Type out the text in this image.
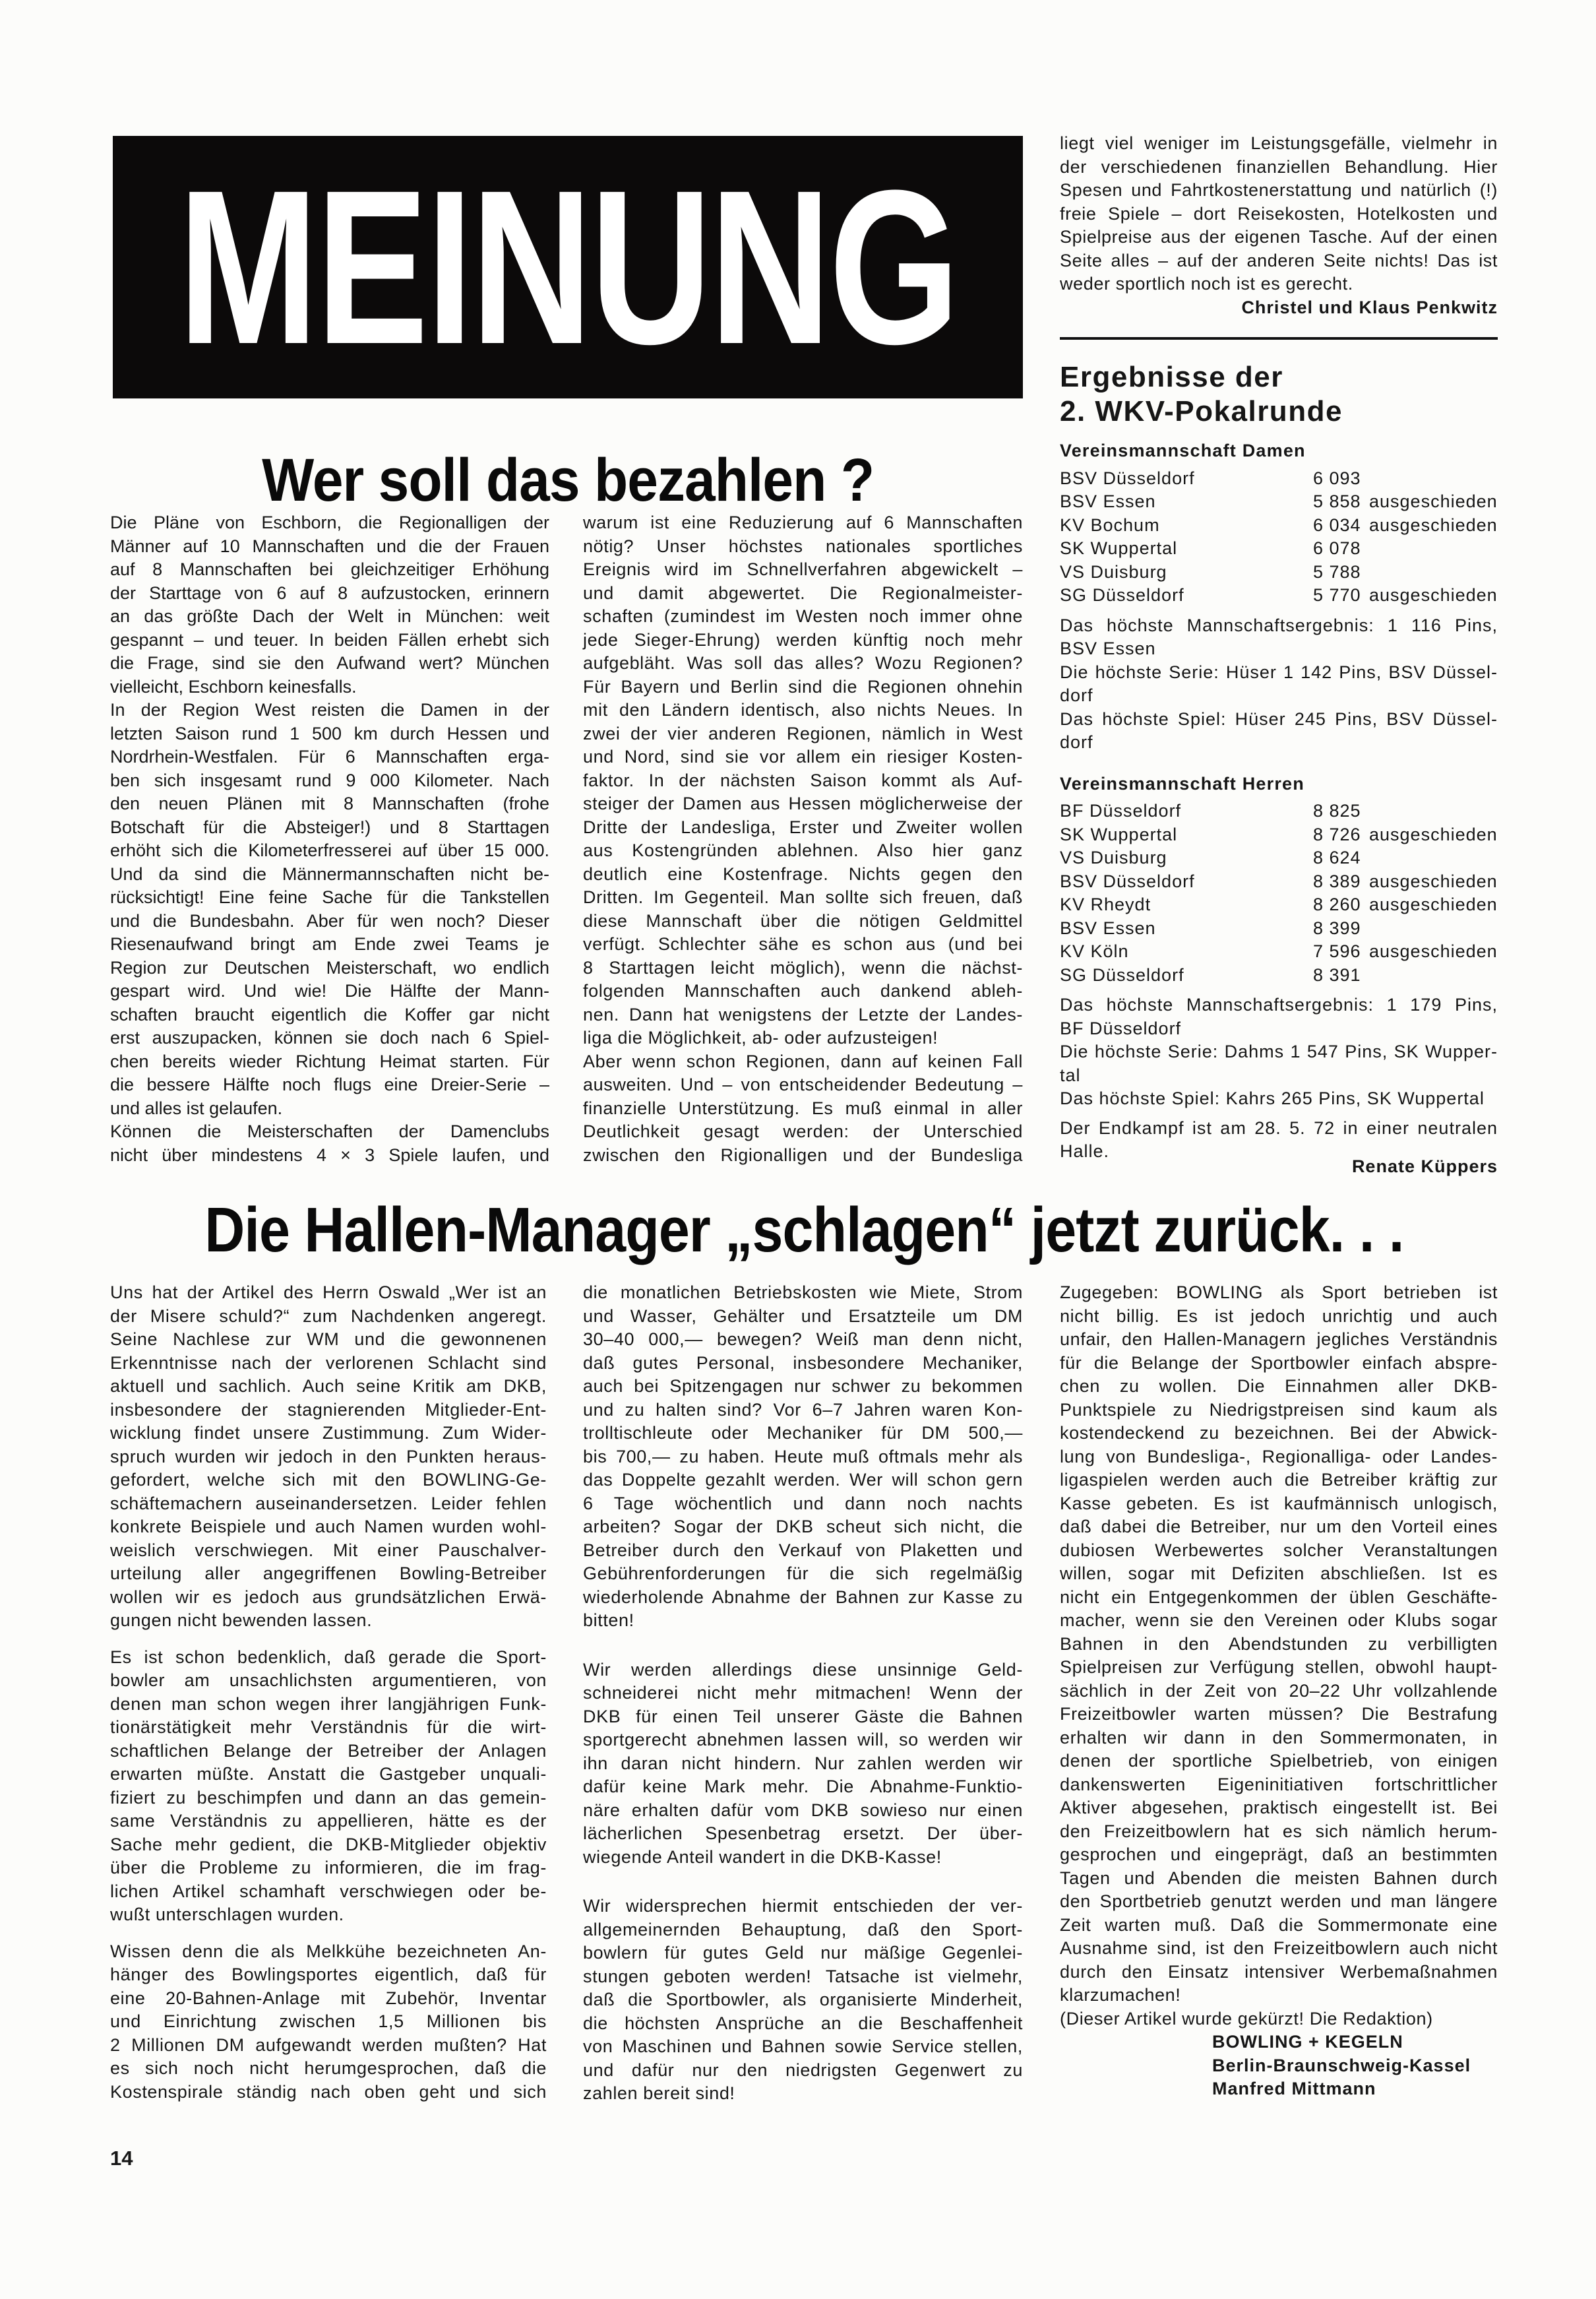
MEINUNG
Wer soll das bezahlen ?
Die Pläne von Eschborn, die Regionalligen der
Männer auf 10 Mannschaften und die der Frauen
auf 8 Mannschaften bei gleichzeitiger Erhöhung
der Starttage von 6 auf 8 aufzustocken, erinnern
an das größte Dach der Welt in München: weit
gespannt – und teuer. In beiden Fällen erhebt sich
die Frage, sind sie den Aufwand wert? München
vielleicht, Eschborn keinesfalls.
In der Region West reisten die Damen in der
letzten Saison rund 1 500 km durch Hessen und
Nordrhein-Westfalen. Für 6 Mannschaften erga-
ben sich insgesamt rund 9 000 Kilometer. Nach
den neuen Plänen mit 8 Mannschaften (frohe
Botschaft für die Absteiger!) und 8 Starttagen
erhöht sich die Kilometerfresserei auf über 15 000.
Und da sind die Männermannschaften nicht be-
rücksichtigt! Eine feine Sache für die Tankstellen
und die Bundesbahn. Aber für wen noch? Dieser
Riesenaufwand bringt am Ende zwei Teams je
Region zur Deutschen Meisterschaft, wo endlich
gespart wird. Und wie! Die Hälfte der Mann-
schaften braucht eigentlich die Koffer gar nicht
erst auszupacken, können sie doch nach 6 Spiel-
chen bereits wieder Richtung Heimat starten. Für
die bessere Hälfte noch flugs eine Dreier-Serie –
und alles ist gelaufen.
Können die Meisterschaften der Damenclubs
nicht über mindestens 4 × 3 Spiele laufen, und
warum ist eine Reduzierung auf 6 Mannschaften
nötig? Unser höchstes nationales sportliches
Ereignis wird im Schnellverfahren abgewickelt –
und damit abgewertet. Die Regionalmeister-
schaften (zumindest im Westen noch immer ohne
jede Sieger-Ehrung) werden künftig noch mehr
aufgebläht. Was soll das alles? Wozu Regionen?
Für Bayern und Berlin sind die Regionen ohnehin
mit den Ländern identisch, also nichts Neues. In
zwei der vier anderen Regionen, nämlich in West
und Nord, sind sie vor allem ein riesiger Kosten-
faktor. In der nächsten Saison kommt als Auf-
steiger der Damen aus Hessen möglicherweise der
Dritte der Landesliga, Erster und Zweiter wollen
aus Kostengründen ablehnen. Also hier ganz
deutlich eine Kostenfrage. Nichts gegen den
Dritten. Im Gegenteil. Man sollte sich freuen, daß
diese Mannschaft über die nötigen Geldmittel
verfügt. Schlechter sähe es schon aus (und bei
8 Starttagen leicht möglich), wenn die nächst-
folgenden Mannschaften auch dankend ableh-
nen. Dann hat wenigstens der Letzte der Landes-
liga die Möglichkeit, ab- oder aufzusteigen!
Aber wenn schon Regionen, dann auf keinen Fall
ausweiten. Und – von entscheidender Bedeutung –
finanzielle Unterstützung. Es muß einmal in aller
Deutlichkeit gesagt werden: der Unterschied
zwischen den Rigionalligen und der Bundesliga
liegt viel weniger im Leistungsgefälle, vielmehr in
der verschiedenen finanziellen Behandlung. Hier
Spesen und Fahrtkostenerstattung und natürlich (!)
freie Spiele – dort Reisekosten, Hotelkosten und
Spielpreise aus der eigenen Tasche. Auf der einen
Seite alles – auf der anderen Seite nichts! Das ist
weder sportlich noch ist es gerecht.
Christel und Klaus Penkwitz
Ergebnisse der
2. WKV-Pokalrunde
Vereinsmannschaft Damen
BSV Düsseldorf	6 093
BSV Essen	5 858 ausgeschieden
KV Bochum	6 034 ausgeschieden
SK Wuppertal	6 078
VS Duisburg	5 788
SG Düsseldorf	5 770 ausgeschieden
Das höchste Mannschaftsergebnis: 1 116 Pins,
BSV Essen
Die höchste Serie: Hüser 1 142 Pins, BSV Düssel-
dorf
Das höchste Spiel: Hüser 245 Pins, BSV Düssel-
dorf
Vereinsmannschaft Herren
BF Düsseldorf	8 825
SK Wuppertal	8 726 ausgeschieden
VS Duisburg	8 624
BSV Düsseldorf	8 389 ausgeschieden
KV Rheydt	8 260 ausgeschieden
BSV Essen	8 399
KV Köln	7 596 ausgeschieden
SG Düsseldorf	8 391
Das höchste Mannschaftsergebnis: 1 179 Pins,
BF Düsseldorf
Die höchste Serie: Dahms 1 547 Pins, SK Wupper-
tal
Das höchste Spiel: Kahrs 265 Pins, SK Wuppertal
Der Endkampf ist am 28. 5. 72 in einer neutralen
Halle.
Renate Küppers
Die Hallen-Manager „schlagen“ jetzt zurück. . .
Uns hat der Artikel des Herrn Oswald „Wer ist an
der Misere schuld?“ zum Nachdenken angeregt.
Seine Nachlese zur WM und die gewonnenen
Erkenntnisse nach der verlorenen Schlacht sind
aktuell und sachlich. Auch seine Kritik am DKB,
insbesondere der stagnierenden Mitglieder-Ent-
wicklung findet unsere Zustimmung. Zum Wider-
spruch wurden wir jedoch in den Punkten heraus-
gefordert, welche sich mit den BOWLING-Ge-
schäftemachern auseinandersetzen. Leider fehlen
konkrete Beispiele und auch Namen wurden wohl-
weislich verschwiegen. Mit einer Pauschalver-
urteilung aller angegriffenen Bowling-Betreiber
wollen wir es jedoch aus grundsätzlichen Erwä-
gungen nicht bewenden lassen.
Es ist schon bedenklich, daß gerade die Sport-
bowler am unsachlichsten argumentieren, von
denen man schon wegen ihrer langjährigen Funk-
tionärstätigkeit mehr Verständnis für die wirt-
schaftlichen Belange der Betreiber der Anlagen
erwarten müßte. Anstatt die Gastgeber unquali-
fiziert zu beschimpfen und dann an das gemein-
same Verständnis zu appellieren, hätte es der
Sache mehr gedient, die DKB-Mitglieder objektiv
über die Probleme zu informieren, die im frag-
lichen Artikel schamhaft verschwiegen oder be-
wußt unterschlagen wurden.
Wissen denn die als Melkkühe bezeichneten An-
hänger des Bowlingsportes eigentlich, daß für
eine 20-Bahnen-Anlage mit Zubehör, Inventar
und Einrichtung zwischen 1,5 Millionen bis
2 Millionen DM aufgewandt werden mußten? Hat
es sich noch nicht herumgesprochen, daß die
Kostenspirale ständig nach oben geht und sich
die monatlichen Betriebskosten wie Miete, Strom
und Wasser, Gehälter und Ersatzteile um DM
30–40 000,— bewegen? Weiß man denn nicht,
daß gutes Personal, insbesondere Mechaniker,
auch bei Spitzengagen nur schwer zu bekommen
und zu halten sind? Vor 6–7 Jahren waren Kon-
trolltischleute oder Mechaniker für DM 500,—
bis 700,— zu haben. Heute muß oftmals mehr als
das Doppelte gezahlt werden. Wer will schon gern
6 Tage wöchentlich und dann noch nachts
arbeiten? Sogar der DKB scheut sich nicht, die
Betreiber durch den Verkauf von Plaketten und
Gebührenforderungen für die sich regelmäßig
wiederholende Abnahme der Bahnen zur Kasse zu
bitten!
Wir werden allerdings diese unsinnige Geld-
schneiderei nicht mehr mitmachen! Wenn der
DKB für einen Teil unserer Gäste die Bahnen
sportgerecht abnehmen lassen will, so werden wir
ihn daran nicht hindern. Nur zahlen werden wir
dafür keine Mark mehr. Die Abnahme-Funktio-
näre erhalten dafür vom DKB sowieso nur einen
lächerlichen Spesenbetrag ersetzt. Der über-
wiegende Anteil wandert in die DKB-Kasse!
Wir widersprechen hiermit entschieden der ver-
allgemeinernden Behauptung, daß den Sport-
bowlern für gutes Geld nur mäßige Gegenlei-
stungen geboten werden! Tatsache ist vielmehr,
daß die Sportbowler, als organisierte Minderheit,
die höchsten Ansprüche an die Beschaffenheit
von Maschinen und Bahnen sowie Service stellen,
und dafür nur den niedrigsten Gegenwert zu
zahlen bereit sind!
Zugegeben: BOWLING als Sport betrieben ist
nicht billig. Es ist jedoch unrichtig und auch
unfair, den Hallen-Managern jegliches Verständnis
für die Belange der Sportbowler einfach abspre-
chen zu wollen. Die Einnahmen aller DKB-
Punktspiele zu Niedrigstpreisen sind kaum als
kostendeckend zu bezeichnen. Bei der Abwick-
lung von Bundesliga-, Regionalliga- oder Landes-
ligaspielen werden auch die Betreiber kräftig zur
Kasse gebeten. Es ist kaufmännisch unlogisch,
daß dabei die Betreiber, nur um den Vorteil eines
dubiosen Werbewertes solcher Veranstaltungen
willen, sogar mit Defiziten abschließen. Ist es
nicht ein Entgegenkommen der üblen Geschäfte-
macher, wenn sie den Vereinen oder Klubs sogar
Bahnen in den Abendstunden zu verbilligten
Spielpreisen zur Verfügung stellen, obwohl haupt-
sächlich in der Zeit von 20–22 Uhr vollzahlende
Freizeitbowler warten müssen? Die Bestrafung
erhalten wir dann in den Sommermonaten, in
denen der sportliche Spielbetrieb, von einigen
dankenswerten Eigeninitiativen fortschrittlicher
Aktiver abgesehen, praktisch eingestellt ist. Bei
den Freizeitbowlern hat es sich nämlich herum-
gesprochen und eingeprägt, daß an bestimmten
Tagen und Abenden die meisten Bahnen durch
den Sportbetrieb genutzt werden und man längere
Zeit warten muß. Daß die Sommermonate eine
Ausnahme sind, ist den Freizeitbowlern auch nicht
durch den Einsatz intensiver Werbemaßnahmen
klarzumachen!
(Dieser Artikel wurde gekürzt! Die Redaktion)
BOWLING + KEGELN
Berlin-Braunschweig-Kassel
Manfred Mittmann
14
